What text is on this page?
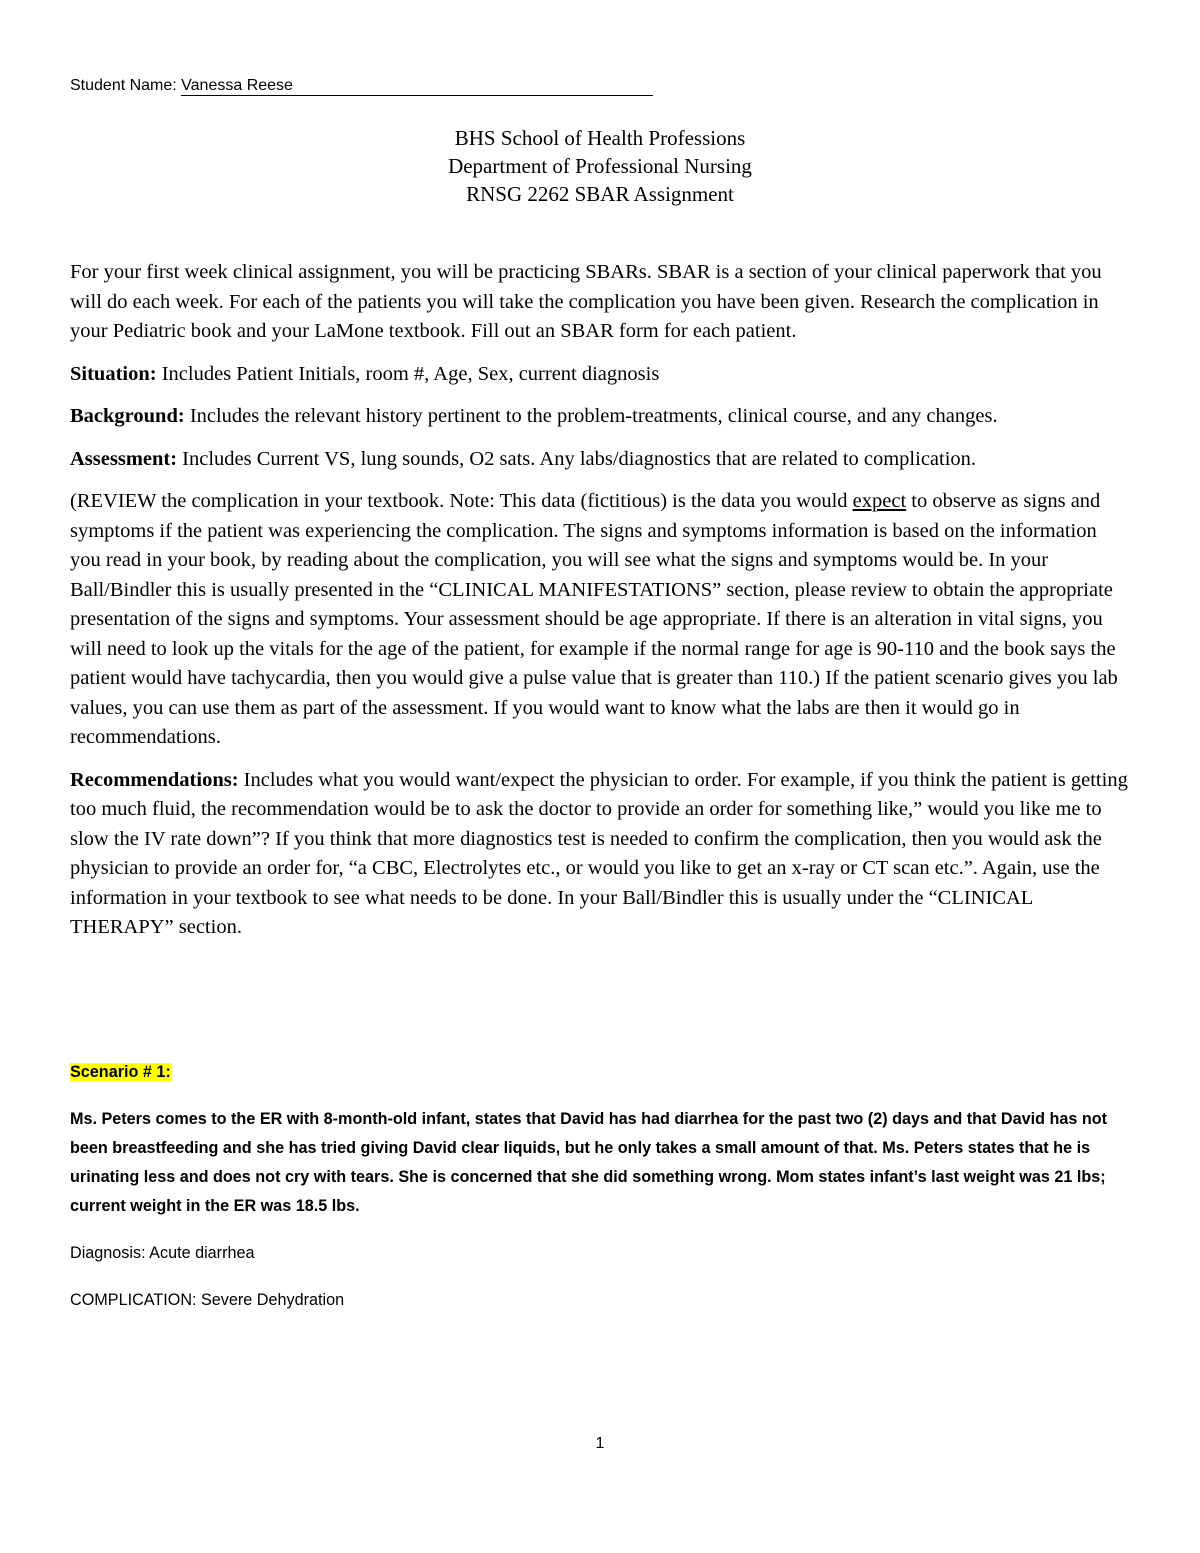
Student Name: Vanessa Reese
BHS School of Health Professions
Department of Professional Nursing
RNSG 2262 SBAR Assignment

For your first week clinical assignment, you will be practicing SBARs. SBAR is a section of your clinical paperwork that you will do each week. For each of the patients you will take the complication you have been given. Research the complication in your Pediatric book and your LaMone textbook. Fill out an SBAR form for each patient.

Situation: Includes Patient Initials, room #, Age, Sex, current diagnosis

Background: Includes the relevant history pertinent to the problem-treatments, clinical course, and any changes.

Assessment: Includes Current VS, lung sounds, O2 sats. Any labs/diagnostics that are related to complication.

(REVIEW the complication in your textbook. Note: This data (fictitious) is the data you would expect to observe as signs and symptoms if the patient was experiencing the complication. The signs and symptoms information is based on the information you read in your book, by reading about the complication, you will see what the signs and symptoms would be. In your Ball/Bindler this is usually presented in the “CLINICAL MANIFESTATIONS” section, please review to obtain the appropriate presentation of the signs and symptoms. Your assessment should be age appropriate. If there is an alteration in vital signs, you will need to look up the vitals for the age of the patient, for example if the normal range for age is 90-110 and the book says the patient would have tachycardia, then you would give a pulse value that is greater than 110.) If the patient scenario gives you lab values, you can use them as part of the assessment. If you would want to know what the labs are then it would go in recommendations.

Recommendations: Includes what you would want/expect the physician to order. For example, if you think the patient is getting too much fluid, the recommendation would be to ask the doctor to provide an order for something like,” would you like me to slow the IV rate down”? If you think that more diagnostics test is needed to confirm the complication, then you would ask the physician to provide an order for, “a CBC, Electrolytes etc., or would you like to get an x-ray or CT scan etc.”. Again, use the information in your textbook to see what needs to be done. In your Ball/Bindler this is usually under the “CLINICAL THERAPY” section.

Scenario # 1:

Ms. Peters comes to the ER with 8-month-old infant, states that David has had diarrhea for the past two (2) days and that David has not been breastfeeding and she has tried giving David clear liquids, but he only takes a small amount of that. Ms. Peters states that he is urinating less and does not cry with tears. She is concerned that she did something wrong. Mom states infant’s last weight was 21 lbs; current weight in the ER was 18.5 lbs.

Diagnosis: Acute diarrhea

COMPLICATION: Severe Dehydration

1
